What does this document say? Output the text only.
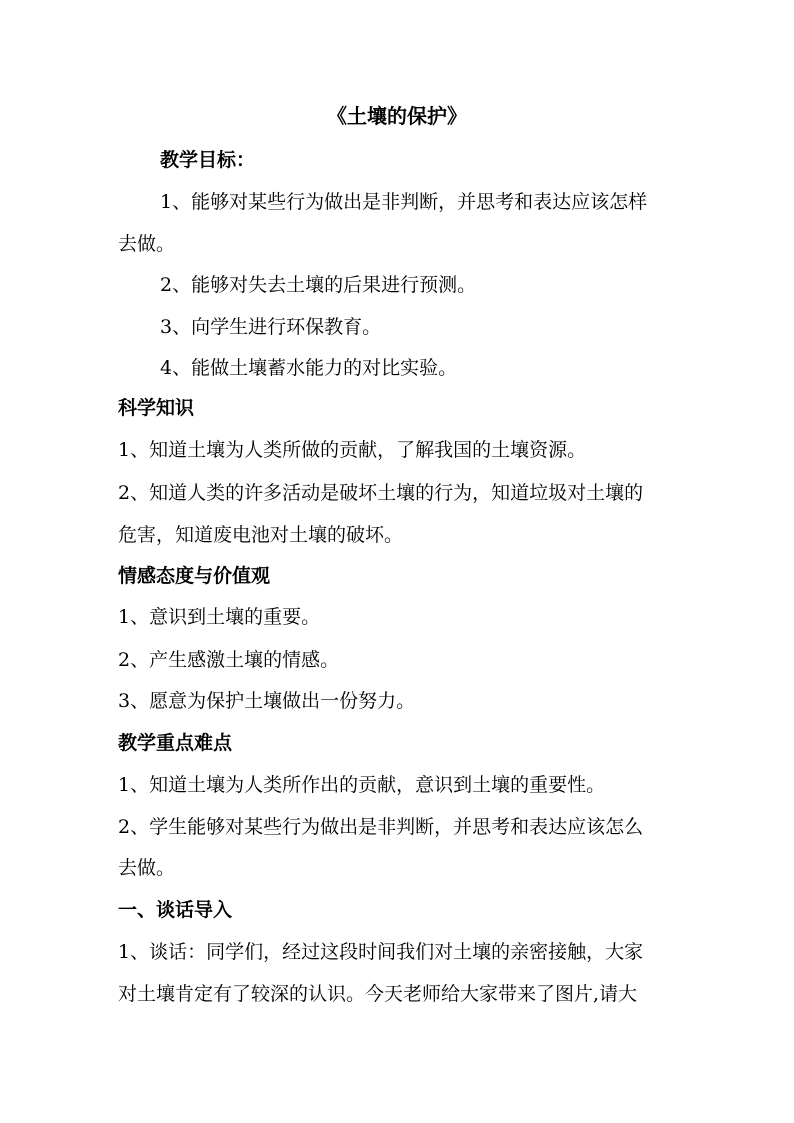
《土壤的保护》
教学目标：
1、能够对某些行为做出是非判断，并思考和表达应该怎样
去做。
2、能够对失去土壤的后果进行预测。
3、向学生进行环保教育。
4、能做土壤蓄水能力的对比实验。
科学知识
1、知道土壤为人类所做的贡献，了解我国的土壤资源。
2、知道人类的许多活动是破坏土壤的行为，知道垃圾对土壤的
危害，知道废电池对土壤的破坏。
情感态度与价值观
1、意识到土壤的重要。
2、产生感激土壤的情感。
3、愿意为保护土壤做出一份努力。
教学重点难点
1、知道土壤为人类所作出的贡献，意识到土壤的重要性。
2、学生能够对某些行为做出是非判断，并思考和表达应该怎么
去做。
一、谈话导入
1、谈话：同学们，经过这段时间我们对土壤的亲密接触，大家
对土壤肯定有了较深的认识。今天老师给大家带来了图片,请大
